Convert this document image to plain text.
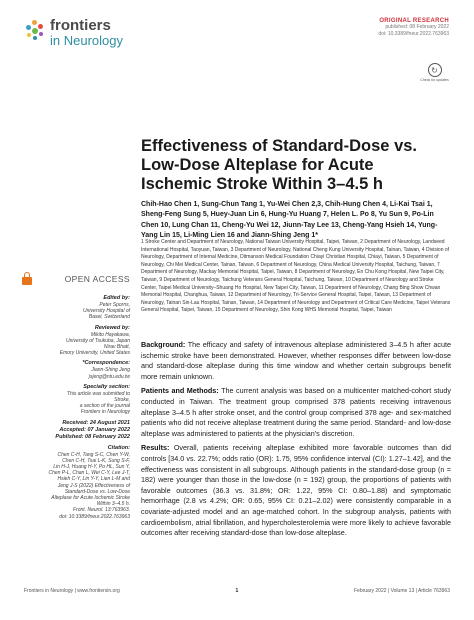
frontiers
in Neurology
ORIGINAL RESEARCH
published: 08 February 2022
doi: 10.3389/fneur.2022.763963
↻
Check for updates
Effectiveness of Standard-Dose vs. Low-Dose Alteplase for Acute Ischemic Stroke Within 3–4.5 h
Chih-Hao Chen 1, Sung-Chun Tang 1, Yu-Wei Chen 2,3, Chih-Hung Chen 4, Li-Kai Tsai 1, Sheng-Feng Sung 5, Huey-Juan Lin 6, Hung-Yu Huang 7, Helen L. Po 8, Yu Sun 9, Po-Lin Chen 10, Lung Chan 11, Cheng-Yu Wei 12, Jiunn-Tay Lee 13, Cheng-Yang Hsieh 14, Yung-Yang Lin 15, Li-Ming Lien 16 and Jiann-Shing Jeng 1*
1 Stroke Center and Department of Neurology, National Taiwan University Hospital, Taipei, Taiwan, 2 Department of Neurology, Landseed International Hospital, Taoyuan, Taiwan, 3 Department of Neurology, National Cheng Kung University Hospital, Tainan, Taiwan, 4 Division of Neurology, Department of Internal Medicine, Ditmanson Medical Foundation Chiayi Christian Hospital, Chiayi, Taiwan, 5 Department of Neurology, Chi Mei Medical Center, Tainan, Taiwan, 6 Department of Neurology, China Medical University Hospital, Taichung, Taiwan, 7 Department of Neurology, Mackay Memorial Hospital, Taipei, Taiwan, 8 Department of Neurology, En Chu Kong Hospital, New Taipei City, Taiwan, 9 Department of Neurology, Taichung Veterans General Hospital, Taichung, Taiwan, 10 Department of Neurology and Stroke Center, Taipei Medical University–Shuang Ho Hospital, New Taipei City, Taiwan, 11 Department of Neurology, Chang Bing Show Chwan Memorial Hospital, Changhua, Taiwan, 12 Department of Neurology, Tri-Service General Hospital, Taipei, Taiwan, 13 Department of Neurology, Tainan Sin-Lau Hospital, Tainan, Taiwan, 14 Department of Neurology and Department of Critical Care Medicine, Taipei Veterans General Hospital, Taipei, Taiwan, 15 Department of Neurology, Shin Kong WHS Memorial Hospital, Taipei, Taiwan
OPEN ACCESS
Edited by:
Peter Sporns,
University Hospital of
Basel, Switzerland
Reviewed by:
Mikito Hayakawa,
University of Tsukuba, Japan
Nirav Bhatt,
Emory University, United States
*Correspondence:
Jiann-Shing Jeng
jsjeng@ntu.edu.tw
Specialty section:
This article was submitted to
Stroke,
a section of the journal
Frontiers in Neurology
Received: 24 August 2021
Accepted: 07 January 2022
Published: 08 February 2022
Citation:
Chen C-H, Tang S-C, Chen Y-W,
Chen C-H, Tsai L-K, Sung S-F,
Lin H-J, Huang H-Y, Po HL, Sun Y,
Chen P-L, Chan L, Wei C-Y, Lee J-T,
Hsieh C-Y, Lin Y-Y, Lien L-M and
Jeng J-S (2022) Effectiveness of
Standard-Dose vs. Low-Dose
Alteplase for Acute Ischemic Stroke
Within 3–4.5 h.
Front. Neurol. 13:763963.
doi: 10.3389/fneur.2022.763963

Background: The efficacy and safety of intravenous alteplase administered 3–4.5 h after acute ischemic stroke have been demonstrated. However, whether responses differ between low-dose and standard-dose alteplase during this time window and whether certain subgroups benefit more remain unknown.

Patients and Methods: The current analysis was based on a multicenter matched-cohort study conducted in Taiwan. The treatment group comprised 378 patients receiving intravenous alteplase 3–4.5 h after stroke onset, and the control group comprised 378 age- and sex-matched patients who did not receive alteplase treatment during the same period. Standard- and low-dose alteplase was administered to patients at the physician's discretion.

Results: Overall, patients receiving alteplase exhibited more favorable outcomes than did controls [34.0 vs. 22.7%; odds ratio (OR): 1.75, 95% confidence interval (CI): 1.27–1.42], and the effectiveness was consistent in all subgroups. Although patients in the standard-dose group (n = 182) were younger than those in the low-dose (n = 192) group, the proportions of patients with favorable outcomes (36.3 vs. 31.8%; OR: 1.22, 95% CI: 0.80–1.88) and symptomatic hemorrhage (2.8 vs 4.2%; OR: 0.65, 95% CI: 0.21–2.02) were consistently comparable in a covariate-adjusted model and an age-matched cohort. In the subgroup analysis, patients with cardioembolism, atrial fibrillation, and hypercholesterolemia were more likely to achieve favorable outcomes after receiving standard-dose than low-dose alteplase.

Frontiers in Neurology | www.frontiersin.org	1	February 2022 | Volume 13 | Article 763963
